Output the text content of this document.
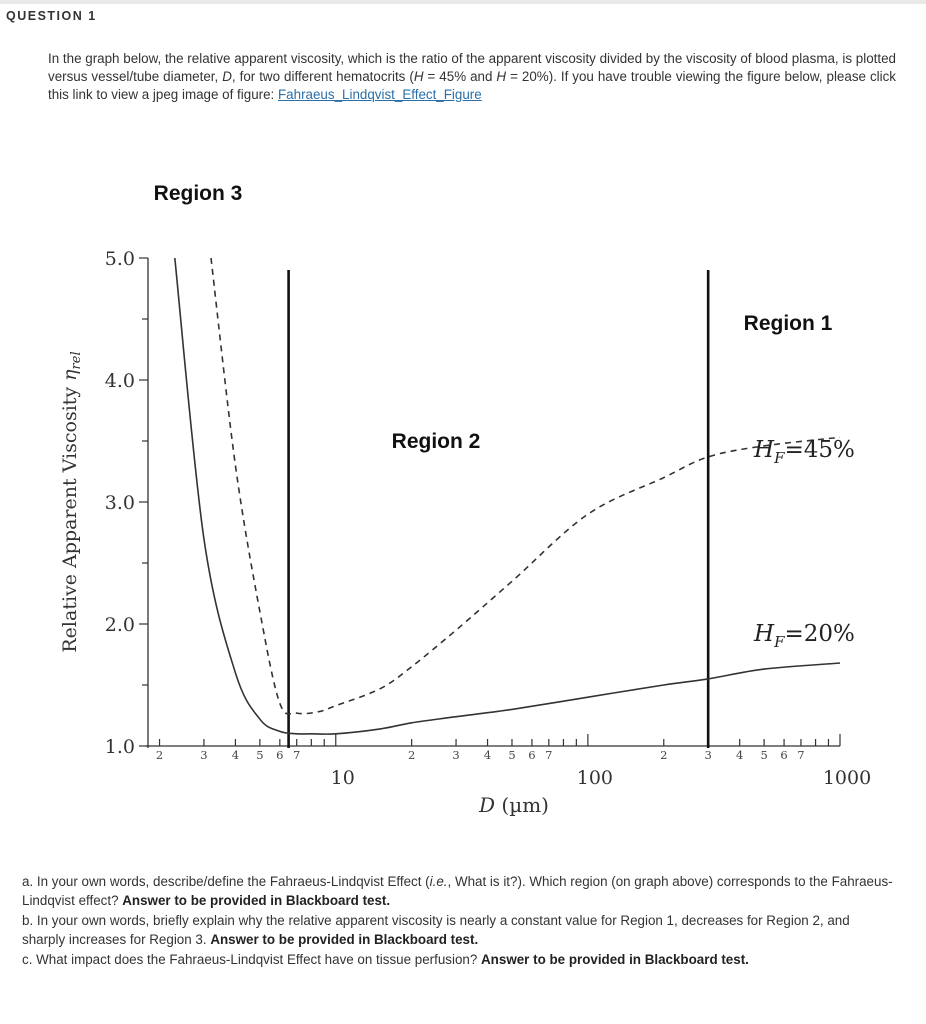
QUESTION 1
In the graph below, the relative apparent viscosity, which is the ratio of the apparent viscosity divided by the viscosity of blood plasma, is plotted versus vessel/tube diameter, D, for two different hematocrits (H = 45% and H = 20%). If you have trouble viewing the figure below, please click this link to view a jpeg image of figure: Fahraeus_Lindqvist_Effect_Figure
1.0
2.0
3.0
4.0
5.0
Relative Apparent Viscosity $\eta_{rel}$
2	3 4 5 6 7	2	3 4 5 6 7	2	3 4 5 6 7
10	100	1000
D (µm)
Region 3
Region 2
Region 1
$H_F=45\%$
$H_F=20\%$

a. In your own words, describe/define the Fahraeus-Lindqvist Effect (i.e., What is it?). Which region (on graph above) corresponds to the Fahraeus-Lindqvist effect? Answer to be provided in Blackboard test.

b. In your own words, briefly explain why the relative apparent viscosity is nearly a constant value for Region 1, decreases for Region 2, and sharply increases for Region 3. Answer to be provided in Blackboard test.

c. What impact does the Fahraeus-Lindqvist Effect have on tissue perfusion? Answer to be provided in Blackboard test.
